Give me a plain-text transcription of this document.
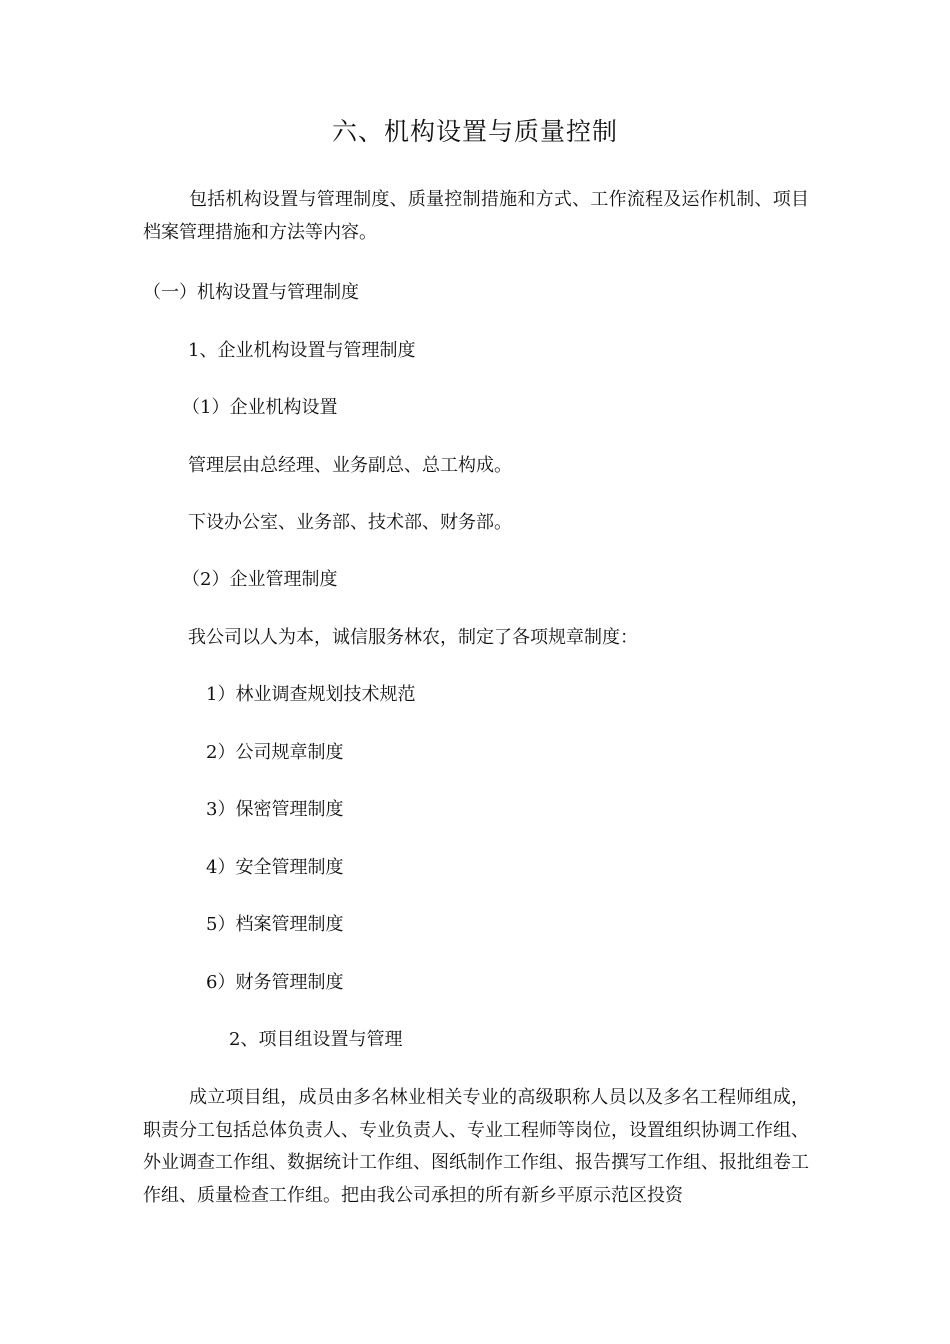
六、机构设置与质量控制

包括机构设置与管理制度、质量控制措施和方式、工作流程及运作机制、项目档案管理措施和方法等内容。

（一）机构设置与管理制度
1、企业机构设置与管理制度
（1）企业机构设置
管理层由总经理、业务副总、总工构成。
下设办公室、业务部、技术部、财务部。
（2）企业管理制度
我公司以人为本，诚信服务林农，制定了各项规章制度：
1）林业调查规划技术规范
2）公司规章制度
3）保密管理制度
4）安全管理制度
5）档案管理制度
6）财务管理制度
2、项目组设置与管理

成立项目组，成员由多名林业相关专业的高级职称人员以及多名工程师组成，职责分工包括总体负责人、专业负责人、专业工程师等岗位，设置组织协调工作组、外业调查工作组、数据统计工作组、图纸制作工作组、报告撰写工作组、报批组卷工作组、质量检查工作组。把由我公司承担的所有新乡平原示范区投资
